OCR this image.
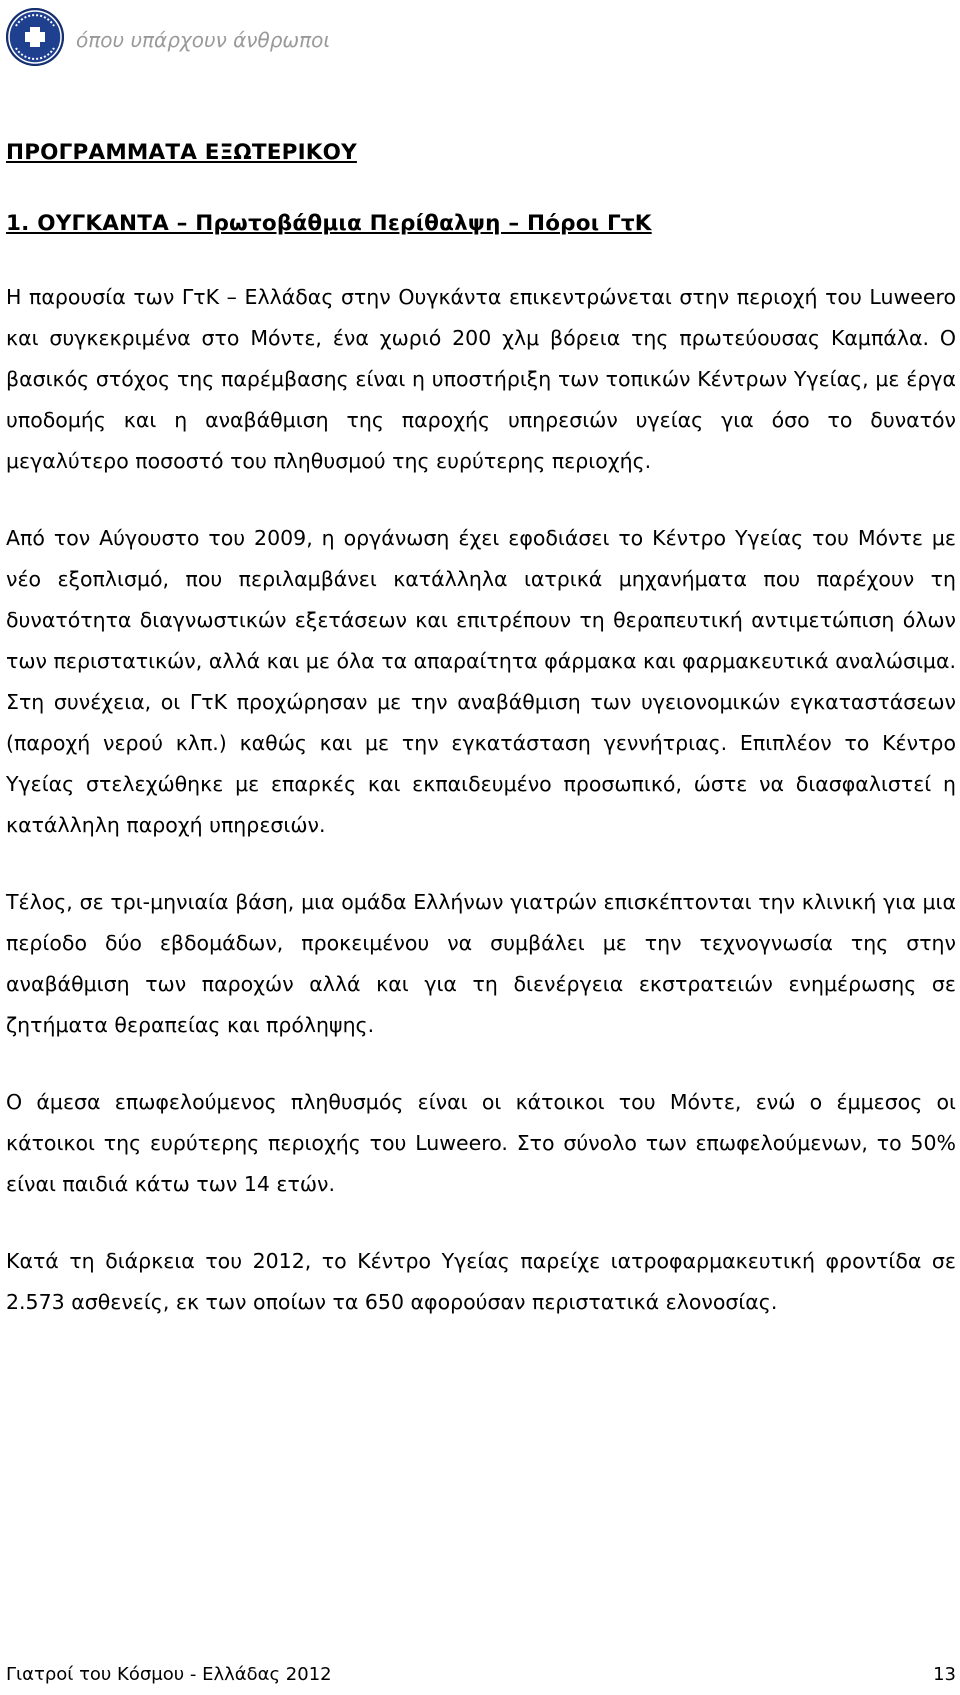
όπου υπάρχουν άνθρωποι
ΠΡΟΓΡΑΜΜΑΤΑ ΕΞΩΤΕΡΙΚΟΥ
1. ΟΥΓΚΑΝΤΑ – Πρωτοβάθμια Περίθαλψη – Πόροι ΓτΚ

Η παρουσία των ΓτΚ – Ελλάδας στην Ουγκάντα επικεντρώνεται στην περιοχή του Luweero και συγκεκριμένα στο Μόντε, ένα χωριό 200 χλμ βόρεια της πρωτεύουσας Καμπάλα. Ο βασικός στόχος της παρέμβασης είναι η υποστήριξη των τοπικών Κέντρων Υγείας, με έργα υποδομής και η αναβάθμιση της παροχής υπηρεσιών υγείας για όσο το δυνατόν μεγαλύτερο ποσοστό του πληθυσμού της ευρύτερης περιοχής.

Από τον Αύγουστο του 2009, η οργάνωση έχει εφοδιάσει το Κέντρο Υγείας του Μόντε με νέο εξοπλισμό, που περιλαμβάνει κατάλληλα ιατρικά μηχανήματα που παρέχουν τη δυνατότητα διαγνωστικών εξετάσεων και επιτρέπουν τη θεραπευτική αντιμετώπιση όλων των περιστατικών, αλλά και με όλα τα απαραίτητα φάρμακα και φαρμακευτικά αναλώσιμα. Στη συνέχεια, οι ΓτΚ προχώρησαν με την αναβάθμιση των υγειονομικών εγκαταστάσεων (παροχή νερού κλπ.) καθώς και με την εγκατάσταση γεννήτριας. Επιπλέον το Κέντρο Υγείας στελεχώθηκε με επαρκές και εκπαιδευμένο προσωπικό, ώστε να διασφαλιστεί η κατάλληλη παροχή υπηρεσιών.

Τέλος, σε τρι-μηνιαία βάση, μια ομάδα Ελλήνων γιατρών επισκέπτονται την κλινική για μια περίοδο δύο εβδομάδων, προκειμένου να συμβάλει με την τεχνογνωσία της στην αναβάθμιση των παροχών αλλά και για τη διενέργεια εκστρατειών ενημέρωσης σε ζητήματα θεραπείας και πρόληψης.

Ο άμεσα επωφελούμενος πληθυσμός είναι οι κάτοικοι του Μόντε, ενώ ο έμμεσος οι κάτοικοι της ευρύτερης περιοχής του Luweero. Στο σύνολο των επωφελούμενων, το 50% είναι παιδιά κάτω των 14 ετών.

Κατά τη διάρκεια του 2012, το Κέντρο Υγείας παρείχε ιατροφαρμακευτική φροντίδα σε 2.573 ασθενείς, εκ των οποίων τα 650 αφορούσαν περιστατικά ελονοσίας.

Γιατροί του Κόσμου - Ελλάδας 2012	13
